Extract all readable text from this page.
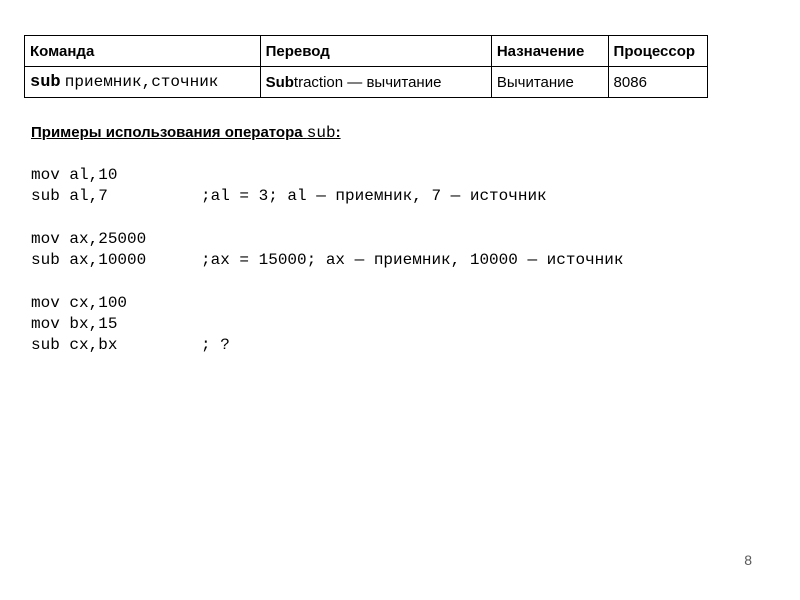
Команда	Перевод	Назначение	Процессор
sub приемник,сточник	Subtraction — вычитание	Вычитание	8086

Примеры использования оператора sub:

mov al,10
sub al,7	;al = 3; al — приемник, 7 — источник
mov ax,25000
sub ax,10000	;ax = 15000; ax — приемник, 10000 — источник
mov cx,100
mov bx,15
sub cx,bx	; ?
8
